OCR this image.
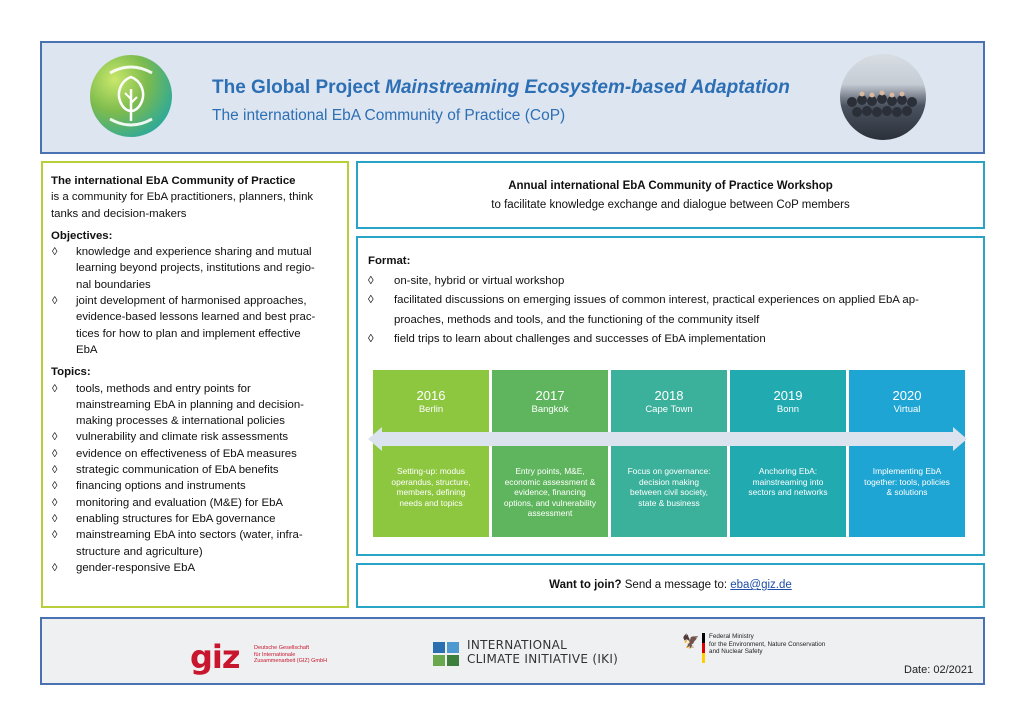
The Global Project Mainstreaming Ecosystem-based Adaptation
The international EbA Community of Practice (CoP)
The international EbA Community of Practice
is a community for EbA practitioners, planners, think
tanks and decision-makers
Objectives:
◊ knowledge and experience sharing and mutual
learning beyond projects, institutions and regio-
nal boundaries
◊ joint development of harmonised approaches,
evidence-based lessons learned and best prac-
tices for how to plan and implement effective
EbA
Topics:
◊ tools, methods and entry points for
mainstreaming EbA in planning and decision-
making processes & international policies
◊ vulnerability and climate risk assessments
◊ evidence on effectiveness of EbA measures
◊ strategic communication of EbA benefits
◊ financing options and instruments
◊ monitoring and evaluation (M&E) for EbA
◊ enabling structures for EbA governance
◊ mainstreaming EbA into sectors (water, infra-
structure and agriculture)
◊ gender-responsive EbA
Annual international EbA Community of Practice Workshop
to facilitate knowledge exchange and dialogue between CoP members
Format:
◊ on-site, hybrid or virtual workshop
◊ facilitated discussions on emerging issues of common interest, practical experiences on applied EbA ap-
proaches, methods and tools, and the functioning of the community itself
◊ field trips to learn about challenges and successes of EbA implementation
2016
Berlin
Setting-up: modus
operandus, structure,
members, defining
needs and topics
2017
Bangkok
Entry points, M&E,
economic assessment &
evidence, financing
options, and vulnerability
assessment
2018
Cape Town
Focus on governance:
decision making
between civil society,
state & business
2019
Bonn
Anchoring EbA:
mainstreaming into
sectors and networks
2020
Virtual
Implementing EbA
together: tools, policies
& solutions
Want to join? Send a message to: eba@giz.de
giz	Deutsche Gesellschaft
für Internationale
Zusammenarbeit (GIZ) GmbH
INTERNATIONAL
CLIMATE INITIATIVE (IKI)
🦅 Federal Ministry
for the Environment, Nature Conservation
and Nuclear Safety
Date: 02/2021
